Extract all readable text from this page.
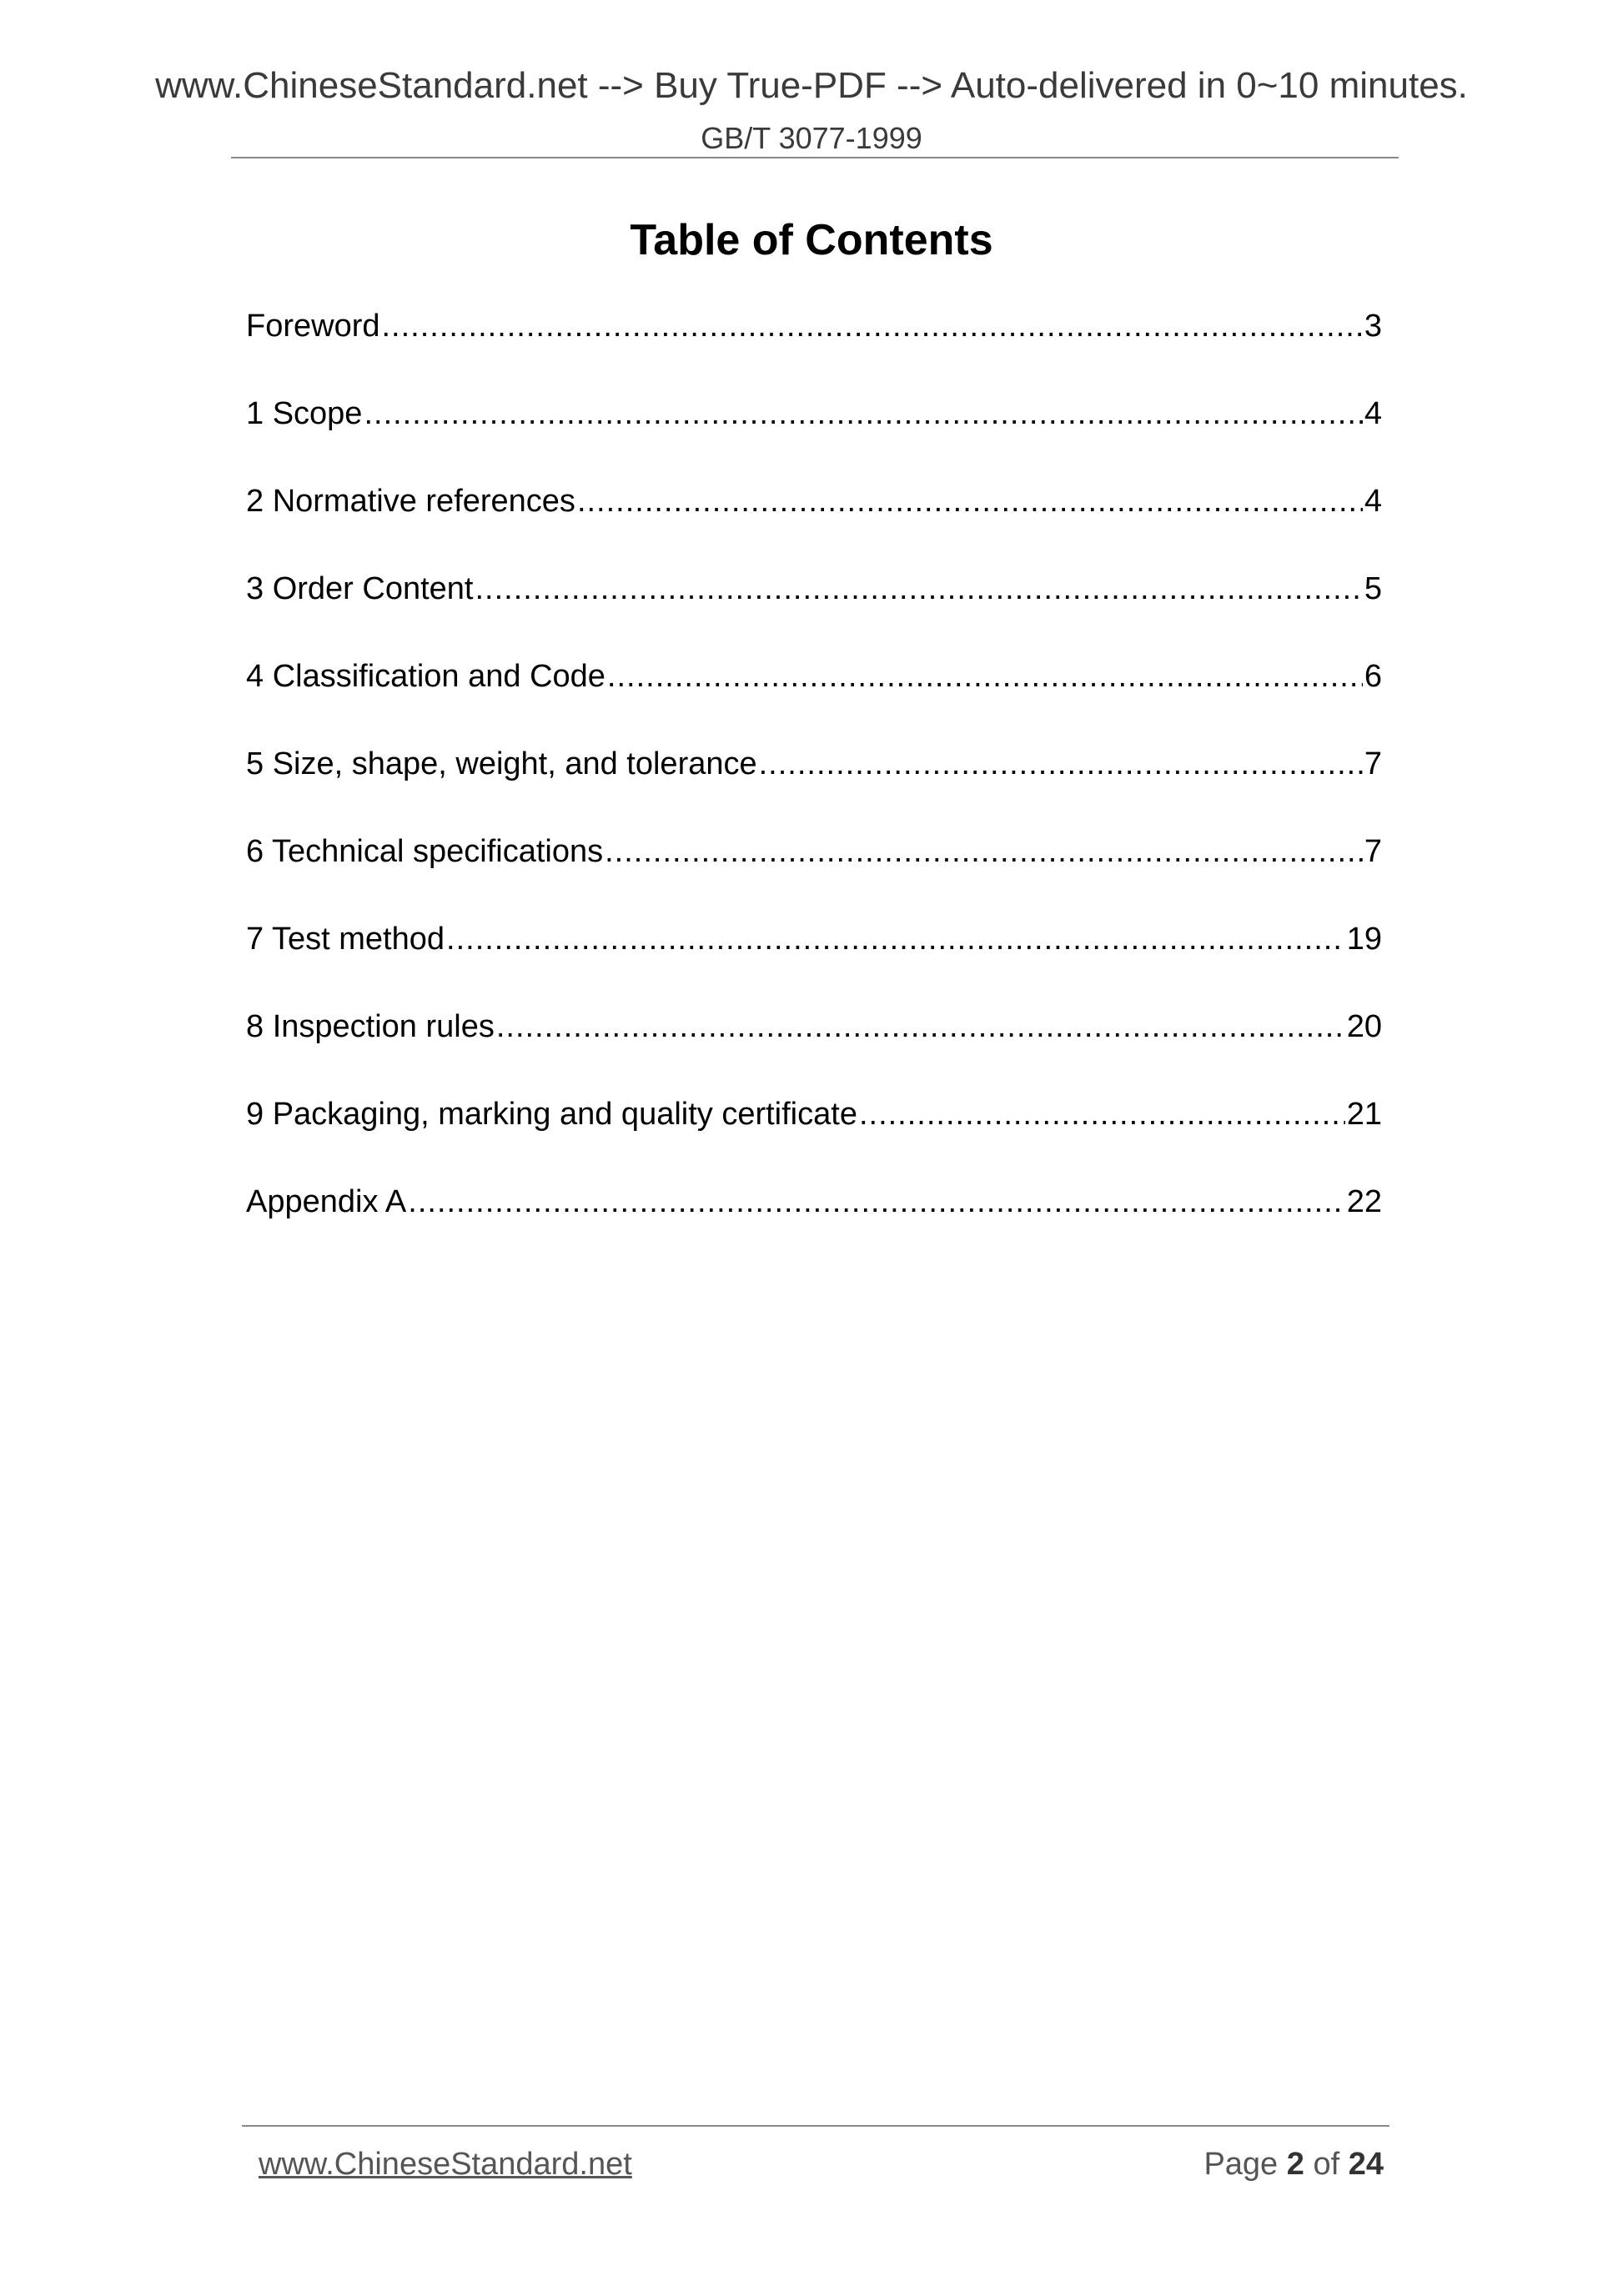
www.ChineseStandard.net --> Buy True-PDF --> Auto-delivered in 0~10 minutes.
GB/T 3077-1999
Table of Contents
Foreword .....	3
1 Scope .....	4
2 Normative references .....	4
3 Order Content .....	5
4 Classification and Code .....	6
5 Size, shape, weight, and tolerance .....	7
6 Technical specifications .....	7
7 Test method .....	19
8 Inspection rules .....	20
9 Packaging, marking and quality certificate .....	21
Appendix A .....	22
www.ChineseStandard.net	Page 2 of 24
